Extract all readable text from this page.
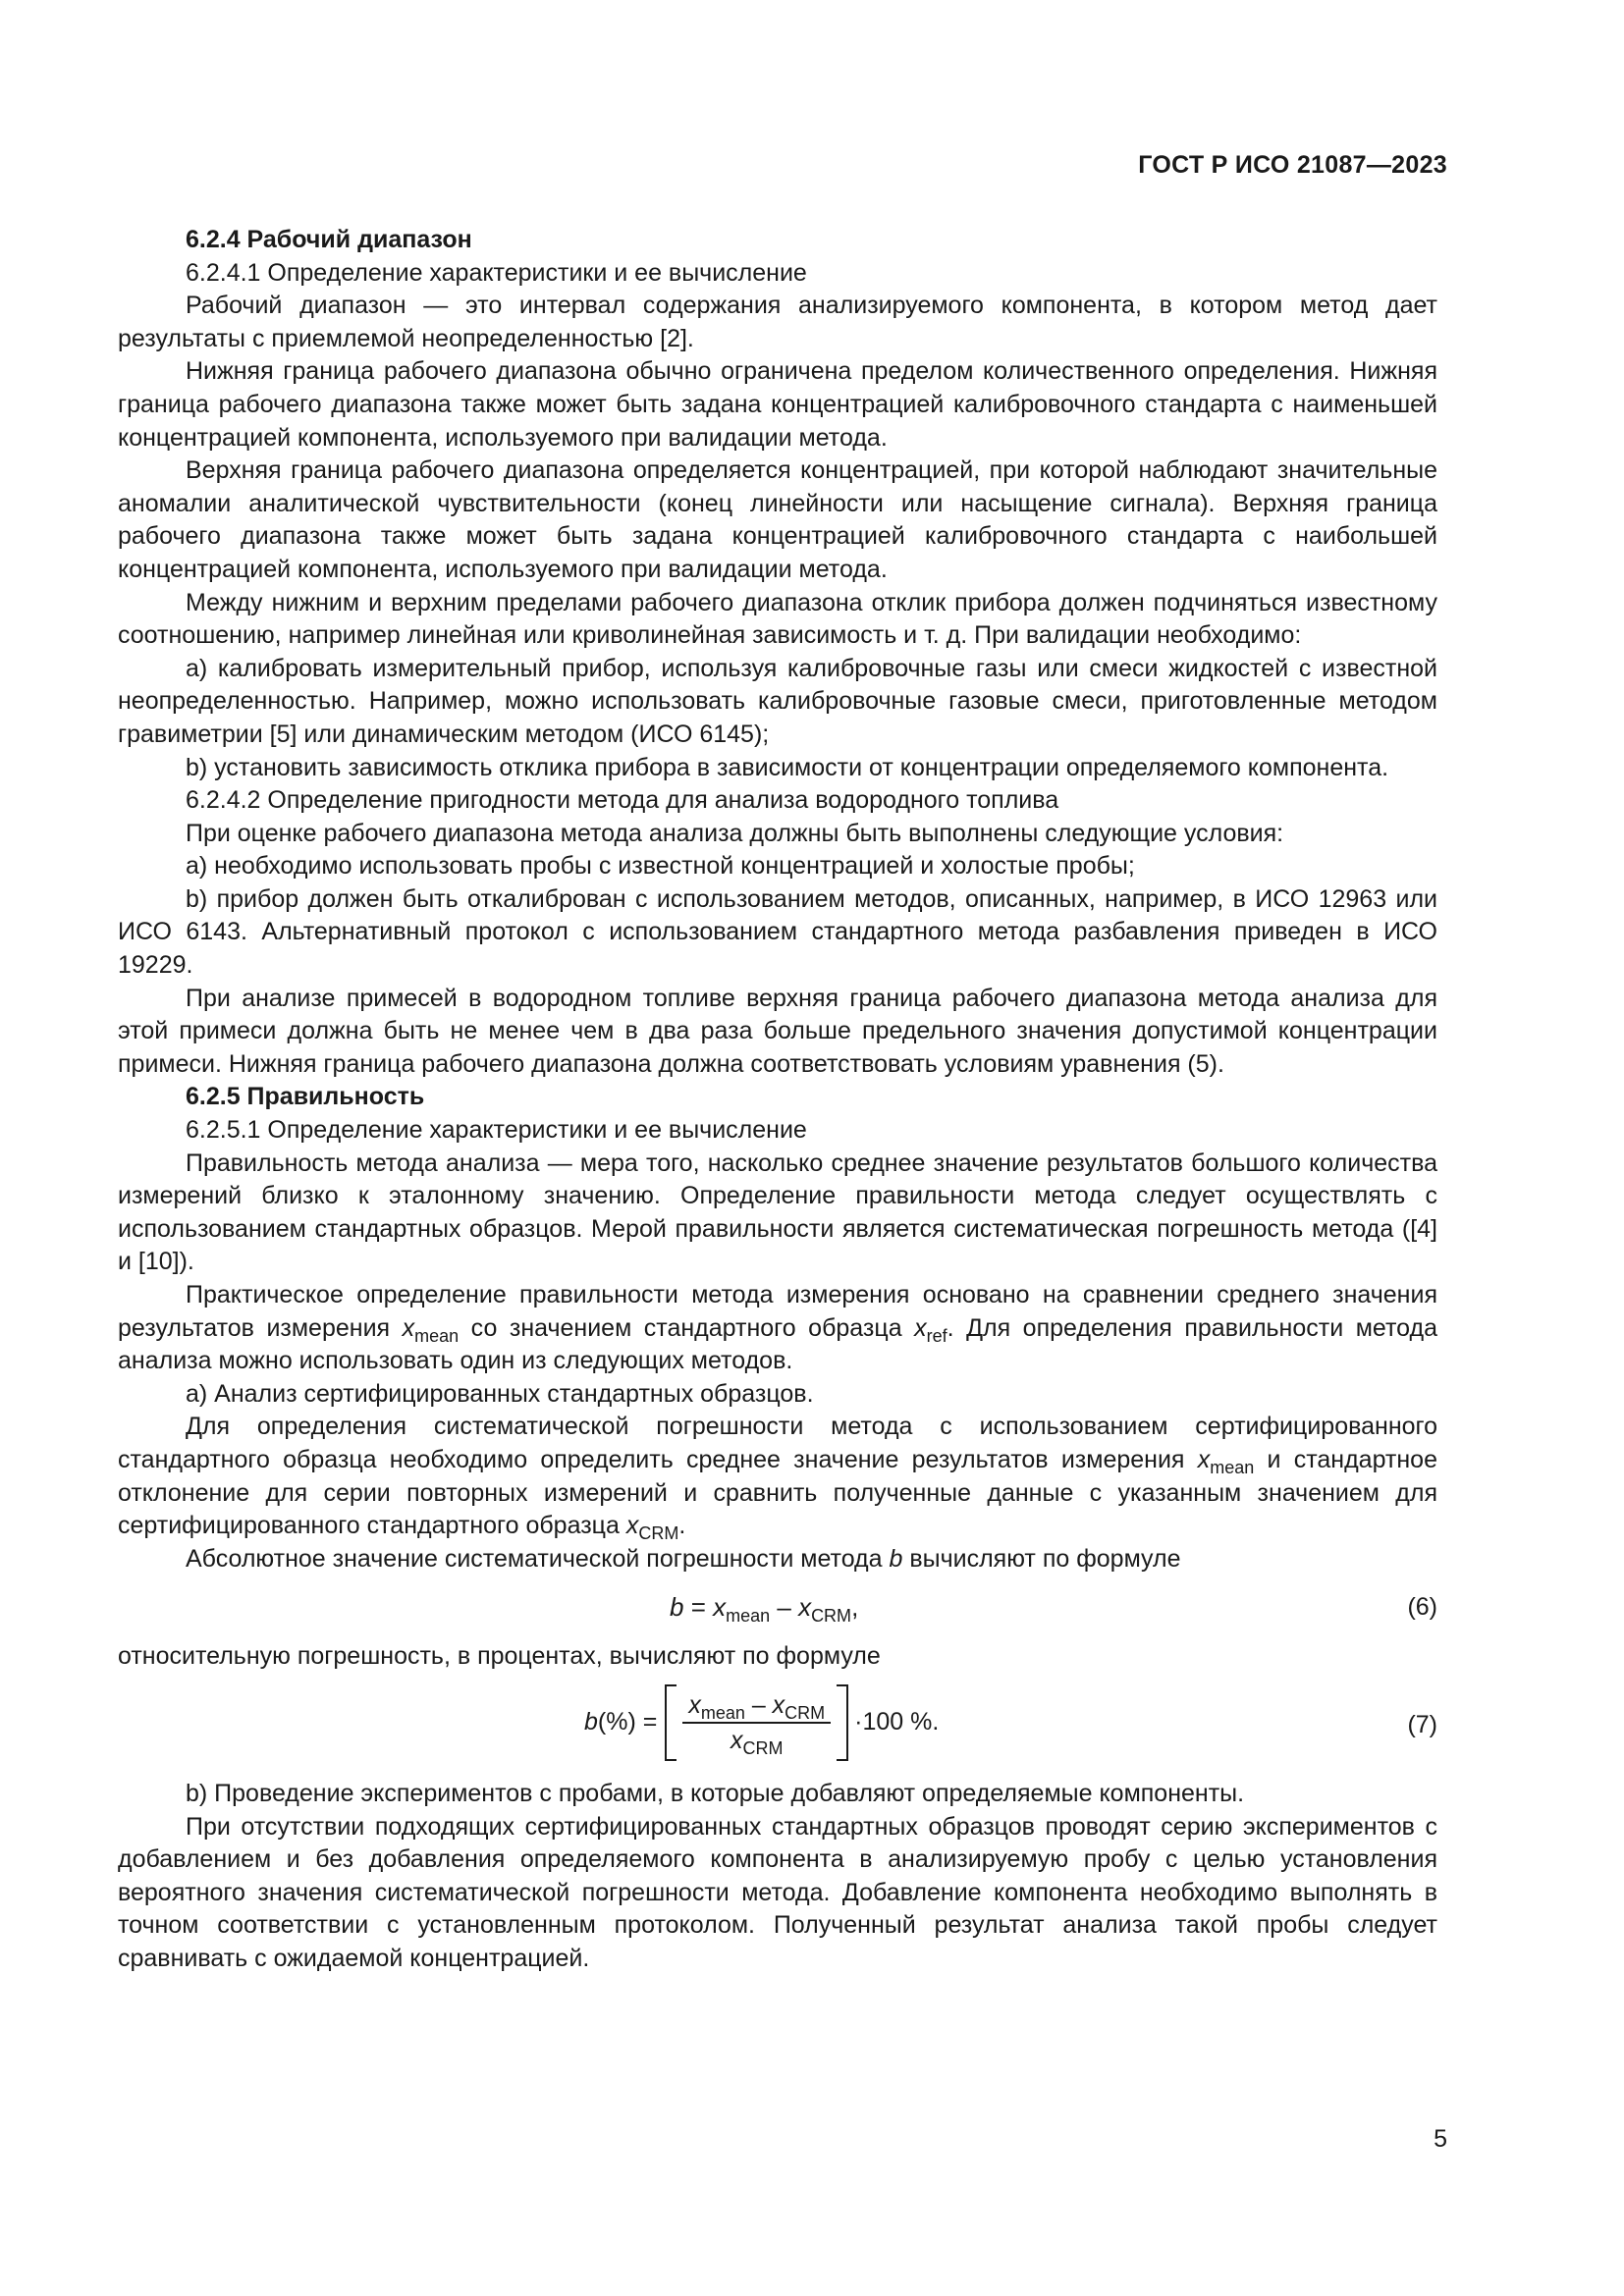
ГОСТ Р ИСО 21087—2023

6.2.4 Рабочий диапазон

6.2.4.1 Определение характеристики и ее вычисление

Рабочий диапазон — это интервал содержания анализируемого компонента, в котором метод дает результаты с приемлемой неопределенностью [2].

Нижняя граница рабочего диапазона обычно ограничена пределом количественного определения. Нижняя граница рабочего диапазона также может быть задана концентрацией калибровочного стандарта с наименьшей концентрацией компонента, используемого при валидации метода.

Верхняя граница рабочего диапазона определяется концентрацией, при которой наблюдают значительные аномалии аналитической чувствительности (конец линейности или насыщение сигнала). Верхняя граница рабочего диапазона также может быть задана концентрацией калибровочного стандарта с наибольшей концентрацией компонента, используемого при валидации метода.

Между нижним и верхним пределами рабочего диапазона отклик прибора должен подчиняться известному соотношению, например линейная или криволинейная зависимость и т. д. При валидации необходимо:

a) калибровать измерительный прибор, используя калибровочные газы или смеси жидкостей с известной неопределенностью. Например, можно использовать калибровочные газовые смеси, приготовленные методом гравиметрии [5] или динамическим методом (ИСО 6145);

b) установить зависимость отклика прибора в зависимости от концентрации определяемого компонента.

6.2.4.2 Определение пригодности метода для анализа водородного топлива

При оценке рабочего диапазона метода анализа должны быть выполнены следующие условия:

a) необходимо использовать пробы с известной концентрацией и холостые пробы;

b) прибор должен быть откалиброван с использованием методов, описанных, например, в ИСО 12963 или ИСО 6143. Альтернативный протокол с использованием стандартного метода разбавления приведен в ИСО 19229.

При анализе примесей в водородном топливе верхняя граница рабочего диапазона метода анализа для этой примеси должна быть не менее чем в два раза больше предельного значения допустимой концентрации примеси. Нижняя граница рабочего диапазона должна соответствовать условиям уравнения (5).

6.2.5 Правильность

6.2.5.1 Определение характеристики и ее вычисление

Правильность метода анализа — мера того, насколько среднее значение результатов большого количества измерений близко к эталонному значению. Определение правильности метода следует осуществлять с использованием стандартных образцов. Мерой правильности является систематическая погрешность метода ([4] и [10]).

Практическое определение правильности метода измерения основано на сравнении среднего значения результатов измерения $x_{mean}$ со значением стандартного образца $x_{ref}$. Для определения правильности метода анализа можно использовать один из следующих методов.

a) Анализ сертифицированных стандартных образцов.

Для определения систематической погрешности метода с использованием сертифицированного стандартного образца необходимо определить среднее значение результатов измерения $x_{mean}$ и стандартное отклонение для серии повторных измерений и сравнить полученные данные с указанным значением для сертифицированного стандартного образца $x_{CRM}$.

Абсолютное значение систематической погрешности метода b вычисляют по формуле

$b = x_{mean} - x_{CRM}$,	(6)

относительную погрешность, в процентах, вычисляют по формуле

b (%) = $\frac{x_{mean} - x_{CRM}}{x_{CRM}} \cdot 100$ %.	(7)

b) Проведение экспериментов с пробами, в которые добавляют определяемые компоненты.

При отсутствии подходящих сертифицированных стандартных образцов проводят серию экспериментов с добавлением и без добавления определяемого компонента в анализируемую пробу с целью установления вероятного значения систематической погрешности метода. Добавление компонента необходимо выполнять в точном соответствии с установленным протоколом. Полученный результат анализа такой пробы следует сравнивать с ожидаемой концентрацией.

5
